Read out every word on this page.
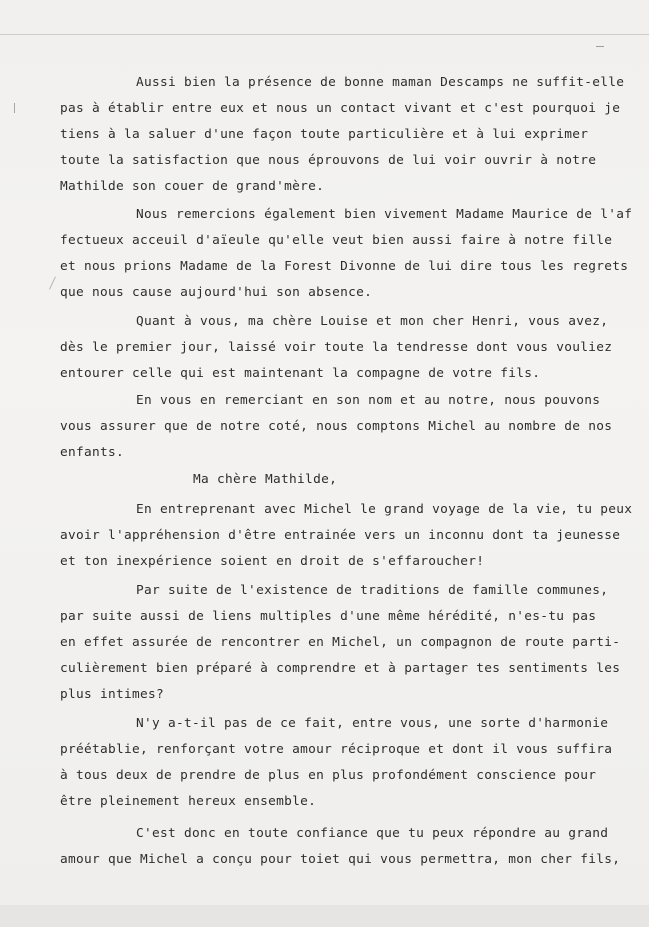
Aussi bien la présence de bonne maman Descamps ne suffit-elle

pas à établir entre eux et nous un contact vivant et c'est pourquoi je

tiens à la saluer d'une façon toute particulière et à lui exprimer

toute la satisfaction que nous éprouvons de lui voir ouvrir à notre

Mathilde son couer de grand'mère.

Nous remercions également bien vivement Madame Maurice de l'af

fectueux acceuil d'aïeule qu'elle veut bien aussi faire à notre fille

et nous prions Madame de la Forest Divonne de lui dire tous les regrets

que nous cause aujourd'hui son absence.

Quant à vous, ma chère Louise et mon cher Henri, vous avez,

dès le premier jour, laissé voir toute la tendresse dont vous vouliez

entourer celle qui est maintenant la compagne de votre fils.

En vous en remerciant en son nom et au notre, nous pouvons

vous assurer que de notre coté, nous comptons Michel au nombre de nos

enfants.

Ma chère Mathilde,

En entreprenant avec Michel le grand voyage de la vie, tu peux

avoir l'appréhension d'être entrainée vers un inconnu dont ta jeunesse

et ton inexpérience soient en droit de s'effaroucher!

Par suite de l'existence de traditions de famille communes,

par suite aussi de liens multiples d'une même hérédité, n'es-tu pas

en effet assurée de rencontrer en Michel, un compagnon de route parti-

culièrement bien préparé à comprendre et à partager tes sentiments les

plus intimes?

N'y a-t-il pas de ce fait, entre vous, une sorte d'harmonie

préétablie, renforçant votre amour réciproque et dont il vous suffira

à tous deux de prendre de plus en plus profondément conscience pour

être pleinement hereux ensemble.

C'est donc en toute confiance que tu peux répondre au grand

amour que Michel a conçu pour toiet qui vous permettra, mon cher fils,
